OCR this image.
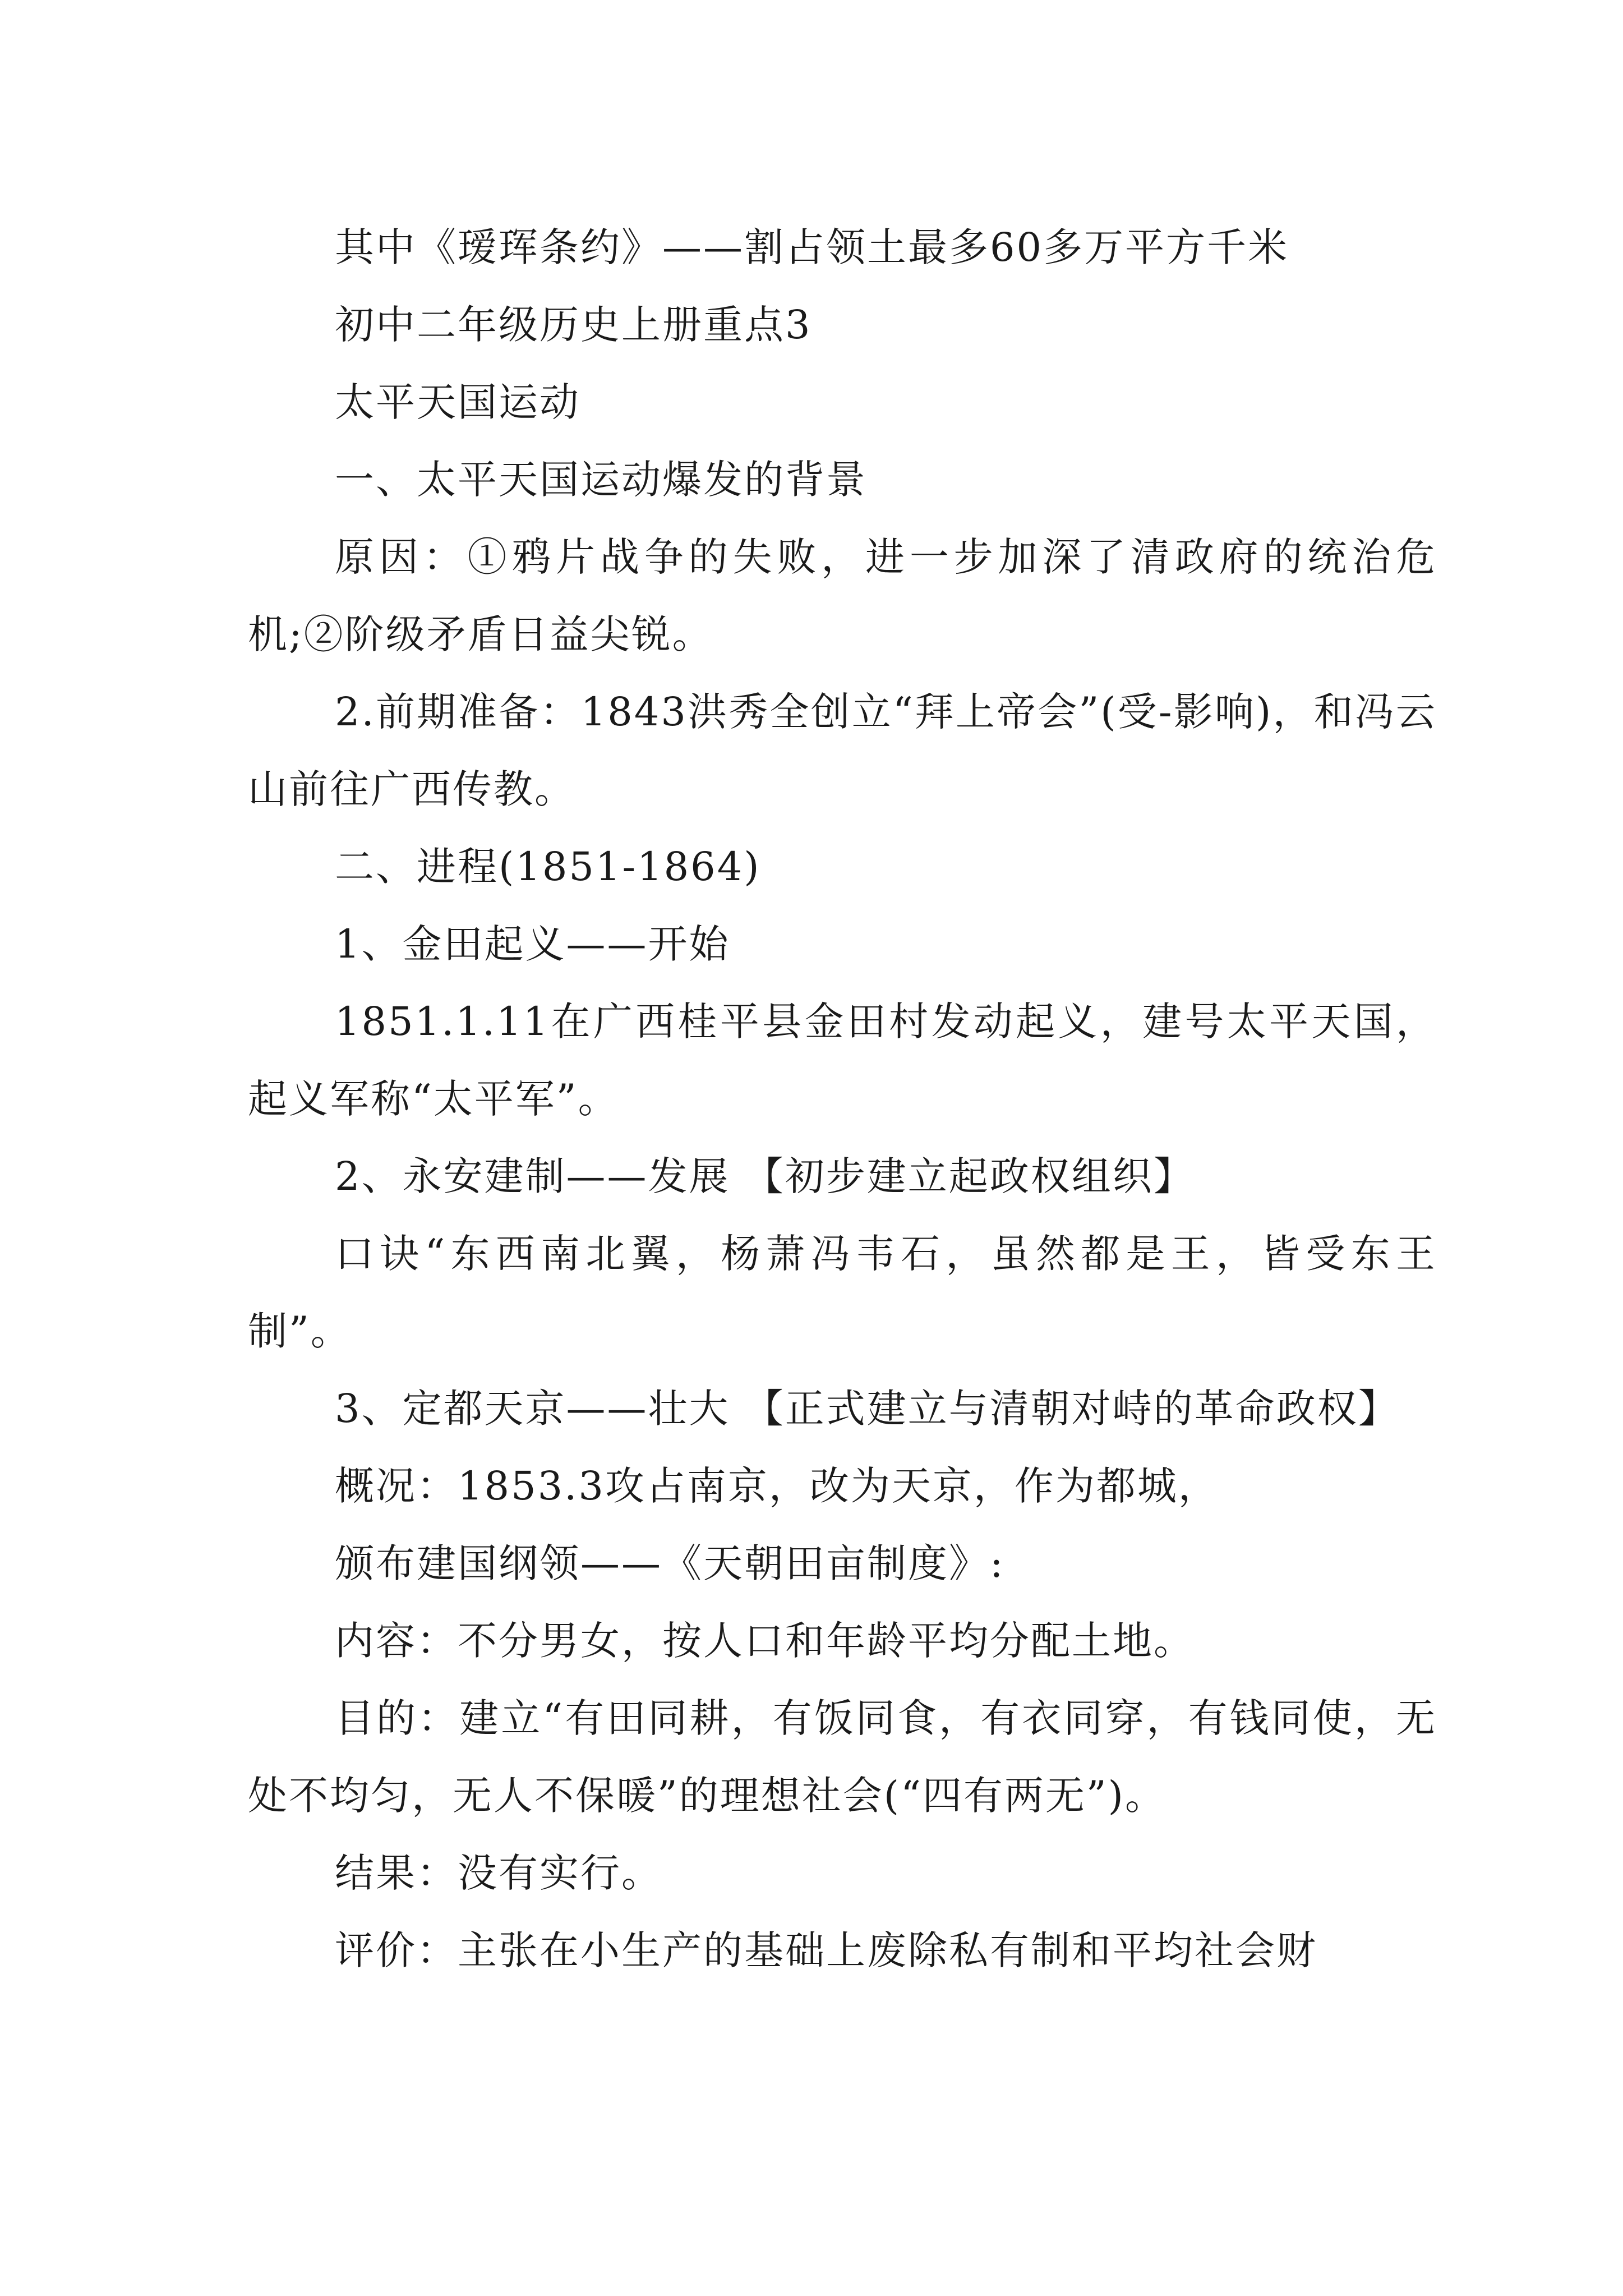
其中《瑷珲条约》——割占领土最多60多万平方千米

初中二年级历史上册重点3

太平天国运动

一、太平天国运动爆发的背景

原因：①鸦片战争的失败，进一步加深了清政府的统治危机;②阶级矛盾日益尖锐。

2.前期准备：1843洪秀全创立“拜上帝会”(受-影响)，和冯云山前往广西传教。

二、进程(1851-1864)

1、金田起义——开始

1851.1.11在广西桂平县金田村发动起义，建号太平天国，起义军称“太平军”。

2、永安建制——发展 【初步建立起政权组织】

口诀“东西南北翼，杨萧冯韦石，虽然都是王，皆受东王制”。

3、定都天京——壮大 【正式建立与清朝对峙的革命政权】

概况：1853.3攻占南京，改为天京，作为都城，

颁布建国纲领——《天朝田亩制度》:

内容：不分男女，按人口和年龄平均分配土地。

目的：建立“有田同耕，有饭同食，有衣同穿，有钱同使，无处不均匀，无人不保暖”的理想社会(“四有两无”)。

结果：没有实行。

评价：主张在小生产的基础上废除私有制和平均社会财
